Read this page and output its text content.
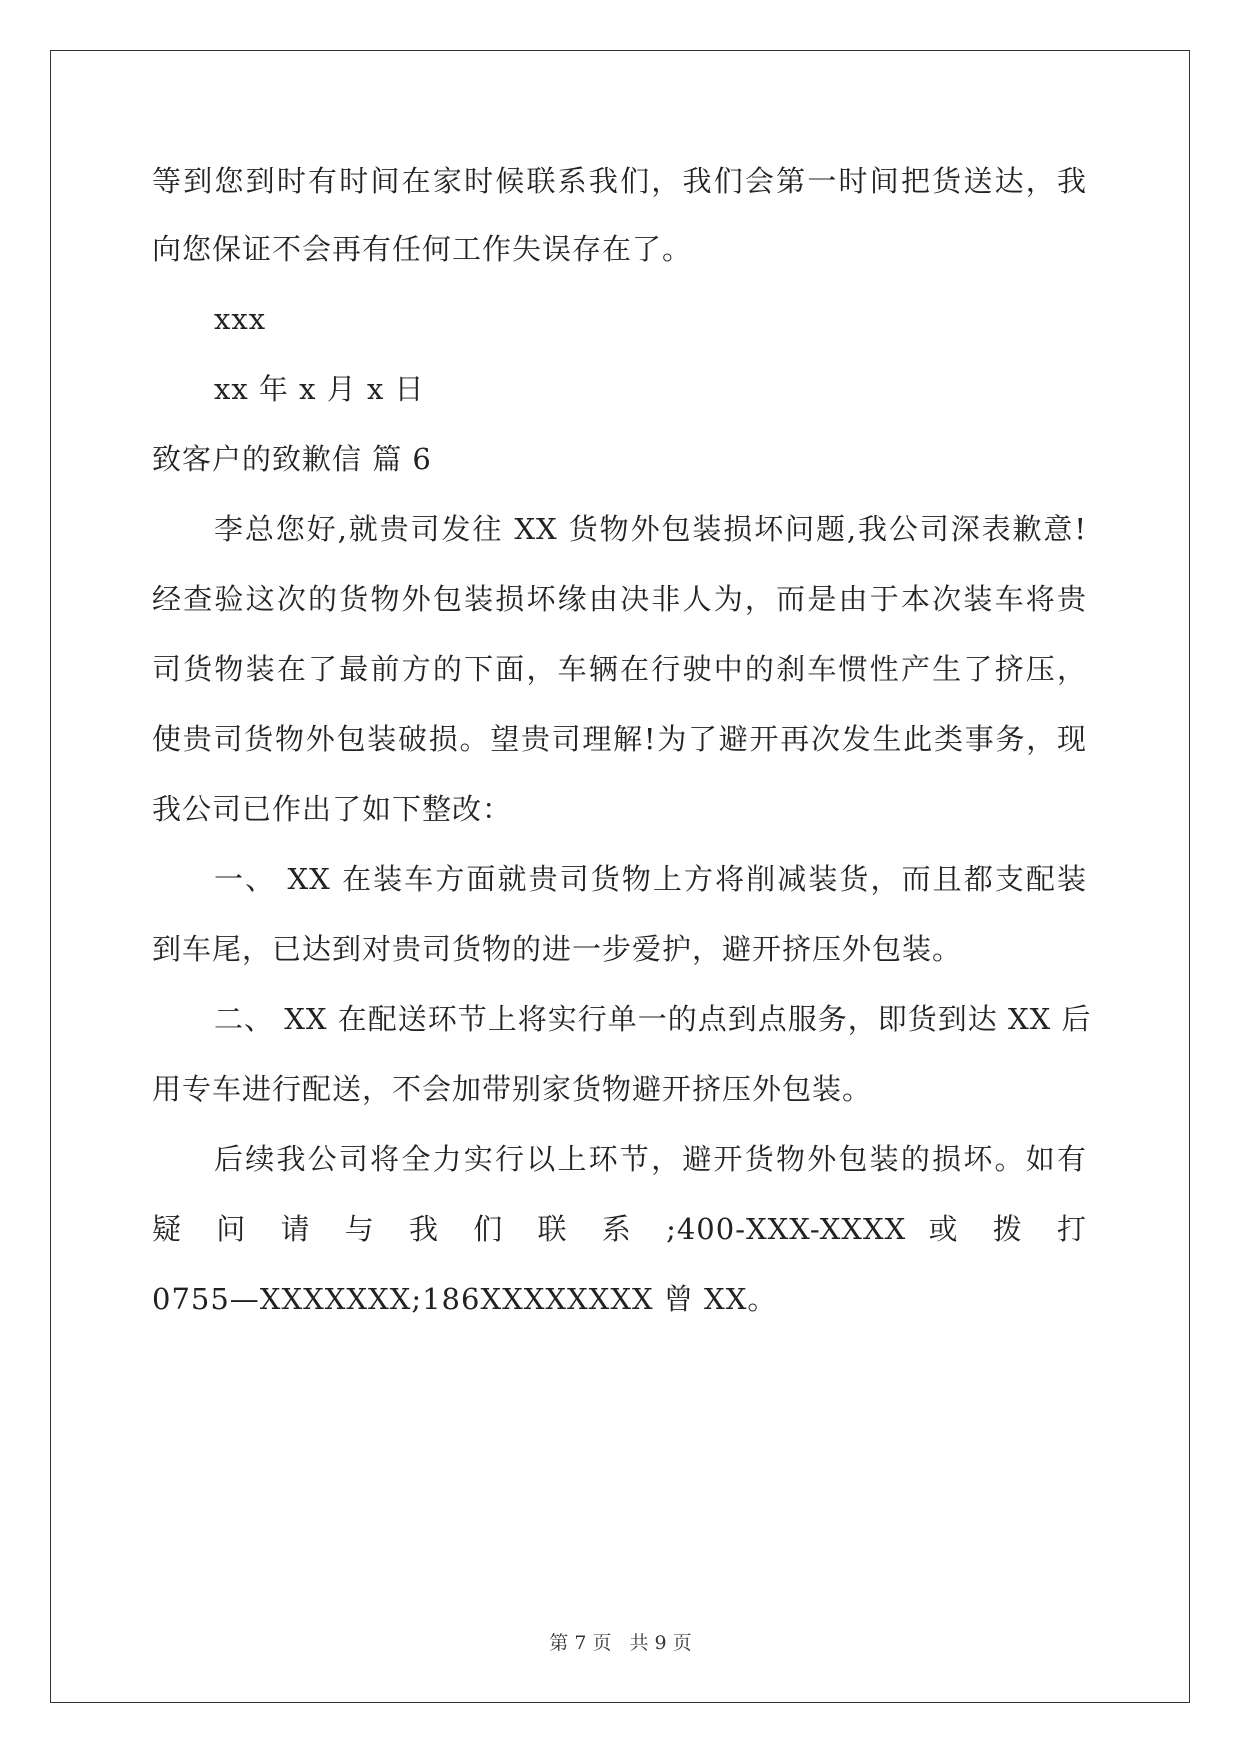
等到您到时有时间在家时候联系我们，我们会第一时间把货送达，我
向您保证不会再有任何工作失误存在了。
xxx
xx 年 x 月 x 日
致客户的致歉信 篇 6
李总您好,就贵司发往 XX 货物外包装损坏问题,我公司深表歉意!
经查验这次的货物外包装损坏缘由决非人为，而是由于本次装车将贵
司货物装在了最前方的下面，车辆在行驶中的刹车惯性产生了挤压，
使贵司货物外包装破损。望贵司理解!为了避开再次发生此类事务，现
我公司已作出了如下整改：
一、 XX 在装车方面就贵司货物上方将削减装货，而且都支配装
到车尾，已达到对贵司货物的进一步爱护，避开挤压外包装。
二、 XX 在配送环节上将实行单一的点到点服务，即货到达 XX 后
用专车进行配送，不会加带别家货物避开挤压外包装。
后续我公司将全力实行以上环节，避开货物外包装的损坏。如有
疑 问 请 与 我 们 联 系 ;400-XXX-XXXX 或 拨 打
0755—XXXXXXX;186XXXXXXXX 曾 XX。
第 7 页 共 9 页
